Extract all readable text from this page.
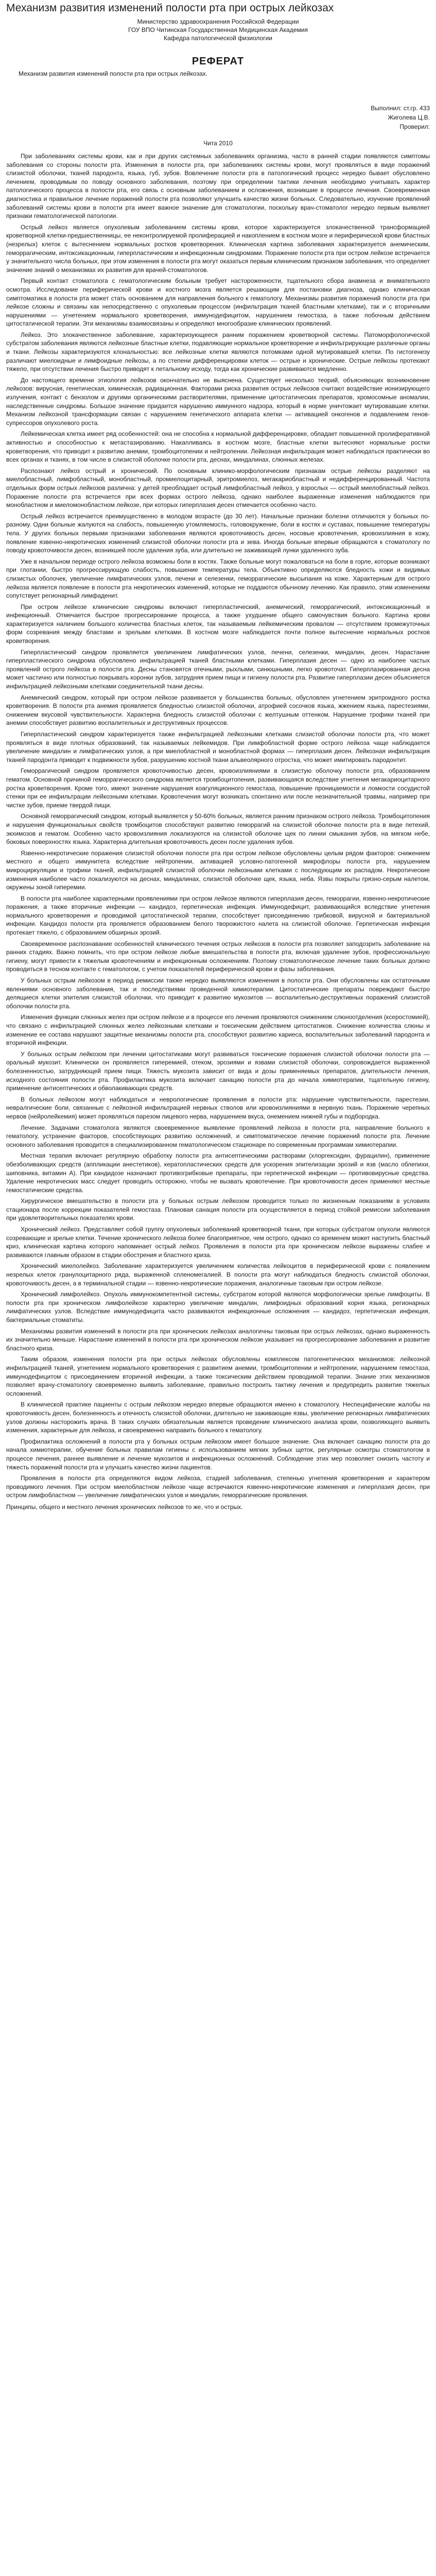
Механизм развития изменений полости рта при острых лейкозах
Министерство здравоохранения Российской Федерации
ГОУ ВПО Читинская Государственная Медицинская Академия
Кафедра патологической физиологии
РЕФЕРАТ
Механизм развития изменений полости рта при острых лейкозах.
Выполнил: ст.гр. 433
Жиголева Ц.В.
Проверил:
Чита 2010

При заболеваниях системы крови, как и при других системных заболеваниях организма, часто в ранней стадии появляются симптомы заболевания со стороны полости рта. Изменения в полости рта, при заболеваниях системы крови, могут проявляться в виде поражений слизистой оболочки, тканей пародонта, языка, губ, зубов. Вовлечение полости рта в патологический процесс нередко бывает обусловлено лечением, проводимым по поводу основного заболевания, поэтому при определении тактики лечения необходимо учитывать характер патологического процесса в полости рта, его связь с основным заболеванием и осложнения, возникшие в процессе лечения. Своевременная диагностика и правильное лечение поражений полости рта позволяют улучшить качество жизни больных. Следовательно, изучение проявлений заболеваний системы крови в полости рта имеет важное значение для стоматологии, поскольку врач-стоматолог нередко первым выявляет признаки гематологической патологии.

Острый лейкоз является опухолевым заболеванием системы крови, которое характеризуется злокачественной трансформацией кроветворной клетки-предшественницы, ее неконтролируемой пролиферацией и накоплением в костном мозге и периферической крови бластных (незрелых) клеток с вытеснением нормальных ростков кроветворения. Клиническая картина заболевания характеризуется анемическим, геморрагическим, интоксикационным, гиперпластическим и инфекционным синдромами. Поражение полости рта при остром лейкозе встречается у значительного числа больных, при этом изменения в полости рта могут оказаться первым клиническим признаком заболевания, что определяет значение знаний о механизмах их развития для врачей-стоматологов.

Первый контакт стоматолога с гематологическим больным требует настороженности, тщательного сбора анамнеза и внимательного осмотра. Исследование периферической крови и костного мозга является решающим для постановки диагноза, однако клиническая симптоматика в полости рта может стать основанием для направления больного к гематологу. Механизмы развития поражений полости рта при лейкозе сложны и связаны как непосредственно с опухолевым процессом (инфильтрация тканей бластными клетками), так и с вторичными нарушениями — угнетением нормального кроветворения, иммунодефицитом, нарушением гемостаза, а также побочным действием цитостатической терапии. Эти механизмы взаимосвязаны и определяют многообразие клинических проявлений.

Лейкоз. Это злокачественное заболевание, характеризующееся ранним поражением кроветворной системы. Патоморфологической субстратом заболевания являются лейкозные бластные клетки, подавляющие нормальное кроветворение и инфильтрирующие различные органы и ткани. Лейкозы характеризуются клональностью: все лейкозные клетки являются потомками одной мутировавшей клетки. По гистогенезу различают миелоидные и лимфоидные лейкозы, а по степени дифференцировки клеток — острые и хронические. Острые лейкозы протекают тяжело, при отсутствии лечения быстро приводят к летальному исходу, тогда как хронические развиваются медленно.

До настоящего времени этиология лейкозов окончательно не выяснена. Существует несколько теорий, объясняющих возникновение лейкозов: вирусная, генетическая, химическая, радиационная. Факторами риска развития острых лейкозов считают воздействие ионизирующего излучения, контакт с бензолом и другими органическими растворителями, применение цитостатических препаратов, хромосомные аномалии, наследственные синдромы. Большое значение придается нарушению иммунного надзора, который в норме уничтожает мутировавшие клетки. Механизм лейкозной трансформации связан с нарушением генетического аппарата клетки — активацией онкогенов и подавлением генов-супрессоров опухолевого роста.

Лейкемическая клетка имеет ряд особенностей: она не способна к нормальной дифференцировке, обладает повышенной пролиферативной активностью и способностью к метастазированию. Накапливаясь в костном мозге, бластные клетки вытесняют нормальные ростки кроветворения, что приводит к развитию анемии, тромбоцитопении и нейтропении. Лейкозная инфильтрация может наблюдаться практически во всех органах и тканях, в том числе в слизистой оболочке полости рта, деснах, миндалинах, слюнных железах.

Распознают лейкоз острый и хронический. По основным клинико-морфологическим признакам острые лейкозы разделяют на миелобластный, лимфобластный, монобластный, промиелоцитарный, эритромиелоз, мегакариобластный и недифференцированный. Частота отдельных форм острых лейкозов различна: у детей преобладает острый лимфобластный лейкоз, у взрослых — острый миелобластный лейкоз. Поражение полости рта встречается при всех формах острого лейкоза, однако наиболее выраженные изменения наблюдаются при монобластном и миеломонобластном лейкозе, при которых гиперплазия десен отмечается особенно часто.

Острый лейкоз встречается преимущественно в молодом возрасте (до 30 лет). Начальные признаки болезни отличаются у больных по-разному. Одни больные жалуются на слабость, повышенную утомляемость, головокружение, боли в костях и суставах, повышение температуры тела. У других больных первыми признаками заболевания являются кровоточивость десен, носовые кровотечения, кровоизлияния в кожу, появление язвенно-некротических изменений слизистой оболочки полости рта и зева. Иногда больные впервые обращаются к стоматологу по поводу кровоточивости десен, возникшей после удаления зуба, или длительно не заживающей лунки удаленного зуба.

Уже в начальном периоде острого лейкоза возможны боли в костях. Также больные могут пожаловаться на боли в горле, которые возникают при глотании, быстро прогрессирующую слабость, повышение температуры тела. Объективно определяются бледность кожи и видимых слизистых оболочек, увеличение лимфатических узлов, печени и селезенки, геморрагические высыпания на коже. Характерным для острого лейкоза является появление в полости рта некротических изменений, которые не поддаются обычному лечению. Как правило, этим изменениям сопутствует регионарный лимфаденит.

При остром лейкозе клинические синдромы включают гиперпластический, анемический, геморрагический, интоксикационный и инфекционный. Отмечается быстрое прогрессирование процесса, а также ухудшение общего самочувствия больного. Картина крови характеризуется наличием большого количества бластных клеток, так называемым лейкемическим провалом — отсутствием промежуточных форм созревания между бластами и зрелыми клетками. В костном мозге наблюдается почти полное вытеснение нормальных ростков кроветворения.

Гиперпластический синдром проявляется увеличением лимфатических узлов, печени, селезенки, миндалин, десен. Нарастание гиперпластического синдрома обусловлено инфильтрацией тканей бластными клетками. Гиперплазия десен — одно из наиболее частых проявлений острого лейкоза в полости рта. Десны становятся отечными, рыхлыми, синюшными, легко кровоточат. Гиперплазированная десна может частично или полностью покрывать коронки зубов, затрудняя прием пищи и гигиену полости рта. Развитие гиперплазии десен объясняется инфильтрацией лейкозными клетками соединительной ткани десны.

Анемический синдром, который при остром лейкозе развивается у большинства больных, обусловлен угнетением эритроидного ростка кроветворения. В полости рта анемия проявляется бледностью слизистой оболочки, атрофией сосочков языка, жжением языка, парестезиями, снижением вкусовой чувствительности. Характерна бледность слизистой оболочки с желтушным оттенком. Нарушение трофики тканей при анемии способствует развитию воспалительных и деструктивных процессов.

Гиперпластический синдром характеризуется также инфильтрацией лейкозными клетками слизистой оболочки полости рта, что может проявляться в виде плотных образований, так называемых лейкемидов. При лимфобластной форме острого лейкоза чаще наблюдается увеличение миндалин и лимфатических узлов, а при миелобластной и монобластной формах — гиперплазия десен. Лейкозная инфильтрация тканей пародонта приводит к подвижности зубов, разрушению костной ткани альвеолярного отростка, что может имитировать пародонтит.

Геморрагический синдром проявляется кровоточивостью десен, кровоизлияниями в слизистую оболочку полости рта, образованием гематом. Основной причиной геморрагического синдрома является тромбоцитопения, развивающаяся вследствие угнетения мегакариоцитарного ростка кроветворения. Кроме того, имеют значение нарушения коагуляционного гемостаза, повышение проницаемости и ломкости сосудистой стенки при ее инфильтрации лейкозными клетками. Кровотечения могут возникать спонтанно или после незначительной травмы, например при чистке зубов, приеме твердой пищи.

Основной геморрагический синдром, который выявляется у 50-60% больных, является ранним признаком острого лейкоза. Тромбоцитопения и нарушения функциональных свойств тромбоцитов способствуют развитию геморрагий на слизистой оболочке полости рта в виде петехий, экхимозов и гематом. Особенно часто кровоизлияния локализуются на слизистой оболочке щек по линии смыкания зубов, на мягком небе, боковых поверхностях языка. Характерна длительная кровоточивость десен после удаления зубов.

Язвенно-некротические поражения слизистой оболочки полости рта при остром лейкозе обусловлены целым рядом факторов: снижением местного и общего иммунитета вследствие нейтропении, активацией условно-патогенной микрофлоры полости рта, нарушением микроциркуляции и трофики тканей, инфильтрацией слизистой оболочки лейкозными клетками с последующим их распадом. Некротические изменения наиболее часто локализуются на деснах, миндалинах, слизистой оболочке щек, языка, неба. Язвы покрыты грязно-серым налетом, окружены зоной гиперемии.

В полости рта наиболее характерными проявлениями при остром лейкозе являются гиперплазия десен, геморрагии, язвенно-некротические поражения, а также вторичные инфекции — кандидоз, герпетическая инфекция. Иммунодефицит, развивающийся вследствие угнетения нормального кроветворения и проводимой цитостатической терапии, способствует присоединению грибковой, вирусной и бактериальной инфекции. Кандидоз полости рта проявляется образованием белого творожистого налета на слизистой оболочке. Герпетическая инфекция протекает тяжело, с образованием обширных эрозий.

Своевременное распознавание особенностей клинического течения острых лейкозов в полости рта позволяет заподозрить заболевание на ранних стадиях. Важно помнить, что при остром лейкозе любые вмешательства в полости рта, включая удаление зубов, профессиональную гигиену, могут привести к тяжелым кровотечениям и инфекционным осложнениям. Поэтому стоматологическое лечение таких больных должно проводиться в тесном контакте с гематологом, с учетом показателей периферической крови и фазы заболевания.

У больных острым лейкозом в период ремиссии также нередко выявляются изменения в полости рта. Они обусловлены как остаточными явлениями основного заболевания, так и последствиями проведенной химиотерапии. Цитостатические препараты повреждают быстро делящиеся клетки эпителия слизистой оболочки, что приводит к развитию мукозитов — воспалительно-деструктивных поражений слизистой оболочки полости рта.

Изменения функции слюнных желез при остром лейкозе и в процессе его лечения проявляются снижением слюноотделения (ксеростомией), что связано с инфильтрацией слюнных желез лейкозными клетками и токсическим действием цитостатиков. Снижение количества слюны и изменение ее состава нарушают защитные механизмы полости рта, способствуют развитию кариеса, воспалительных заболеваний пародонта и вторичной инфекции.

У больных острым лейкозом при лечении цитостатиками могут развиваться токсические поражения слизистой оболочки полости рта — оральный мукозит. Клинически он проявляется гиперемией, отеком, эрозиями и язвами слизистой оболочки, сопровождается выраженной болезненностью, затрудняющей прием пищи. Тяжесть мукозита зависит от вида и дозы применяемых препаратов, длительности лечения, исходного состояния полости рта. Профилактика мукозита включает санацию полости рта до начала химиотерапии, тщательную гигиену, применение антисептических и обволакивающих средств.

В больных лейкозом могут наблюдаться и неврологические проявления в полости рта: нарушение чувствительности, парестезии, невралгические боли, связанные с лейкозной инфильтрацией нервных стволов или кровоизлияниями в нервную ткань. Поражение черепных нервов (нейролейкемия) может проявляться парезом лицевого нерва, нарушением вкуса, онемением нижней губы и подбородка.

Лечение. Задачами стоматолога являются своевременное выявление проявлений лейкоза в полости рта, направление больного к гематологу, устранение факторов, способствующих развитию осложнений, и симптоматическое лечение поражений полости рта. Лечение основного заболевания проводится в специализированном гематологическом стационаре по современным программам химиотерапии.

Местная терапия включает регулярную обработку полости рта антисептическими растворами (хлоргексидин, фурацилин), применение обезболивающих средств (аппликации анестетиков), кератопластических средств для ускорения эпителизации эрозий и язв (масло облепихи, шиповника, витамин А). При кандидозе назначают противогрибковые препараты, при герпетической инфекции — противовирусные средства. Удаление некротических масс следует проводить осторожно, чтобы не вызвать кровотечение. При кровоточивости десен применяют местные гемостатические средства.

Хирургическое вмешательство в полости рта у больных острым лейкозом проводится только по жизненным показаниям в условиях стационара после коррекции показателей гемостаза. Плановая санация полости рта осуществляется в период стойкой ремиссии заболевания при удовлетворительных показателях крови.

Хронический лейкоз. Представляет собой группу опухолевых заболеваний кроветворной ткани, при которых субстратом опухоли являются созревающие и зрелые клетки. Течение хронического лейкоза более благоприятное, чем острого, однако со временем может наступить бластный криз, клиническая картина которого напоминает острый лейкоз. Проявления в полости рта при хроническом лейкозе выражены слабее и развиваются главным образом в стадии обострения и бластного криза.

Хронический миелолейкоз. Заболевание характеризуется увеличением количества лейкоцитов в периферической крови с появлением незрелых клеток гранулоцитарного ряда, выраженной спленомегалией. В полости рта могут наблюдаться бледность слизистой оболочки, кровоточивость десен, а в терминальной стадии — язвенно-некротические поражения, аналогичные таковым при остром лейкозе.

Хронический лимфолейкоз. Опухоль иммунокомпетентной системы, субстратом которой являются морфологически зрелые лимфоциты. В полости рта при хроническом лимфолейкозе характерно увеличение миндалин, лимфоидных образований корня языка, регионарных лимфатических узлов. Вследствие иммунодефицита часто развиваются инфекционные осложнения — кандидоз, герпетическая инфекция, бактериальные стоматиты.

Механизмы развития изменений в полости рта при хронических лейкозах аналогичны таковым при острых лейкозах, однако выраженность их значительно меньше. Нарастание изменений в полости рта при хроническом лейкозе указывает на прогрессирование заболевания и развитие бластного криза.

Таким образом, изменения полости рта при острых лейкозах обусловлены комплексом патогенетических механизмов: лейкозной инфильтрацией тканей, угнетением нормального кроветворения с развитием анемии, тромбоцитопении и нейтропении, нарушением гемостаза, иммунодефицитом с присоединением вторичной инфекции, а также токсическим действием проводимой терапии. Знание этих механизмов позволяет врачу-стоматологу своевременно выявить заболевание, правильно построить тактику лечения и предупредить развитие тяжелых осложнений.

В клинической практике пациенты с острым лейкозом нередко впервые обращаются именно к стоматологу. Неспецифические жалобы на кровоточивость десен, болезненность и отечность слизистой оболочки, длительно не заживающие язвы, увеличение регионарных лимфатических узлов должны насторожить врача. В таких случаях обязательным является проведение клинического анализа крови, позволяющего выявить изменения, характерные для лейкоза, и своевременно направить больного к гематологу.

Профилактика осложнений в полости рта у больных острым лейкозом имеет большое значение. Она включает санацию полости рта до начала химиотерапии, обучение больных правилам гигиены с использованием мягких зубных щеток, регулярные осмотры стоматологом в процессе лечения, раннее выявление и лечение мукозитов и инфекционных осложнений. Соблюдение этих мер позволяет снизить частоту и тяжесть поражений полости рта и улучшить качество жизни пациентов.

Проявления в полости рта определяются видом лейкоза, стадией заболевания, степенью угнетения кроветворения и характером проводимого лечения. При остром миелобластном лейкозе чаще встречаются язвенно-некротические изменения и гиперплазия десен, при остром лимфобластном — увеличение лимфатических узлов и миндалин, геморрагические проявления.

Принципы, общего и местного лечения хронических лейкозов то же, что и острых.
